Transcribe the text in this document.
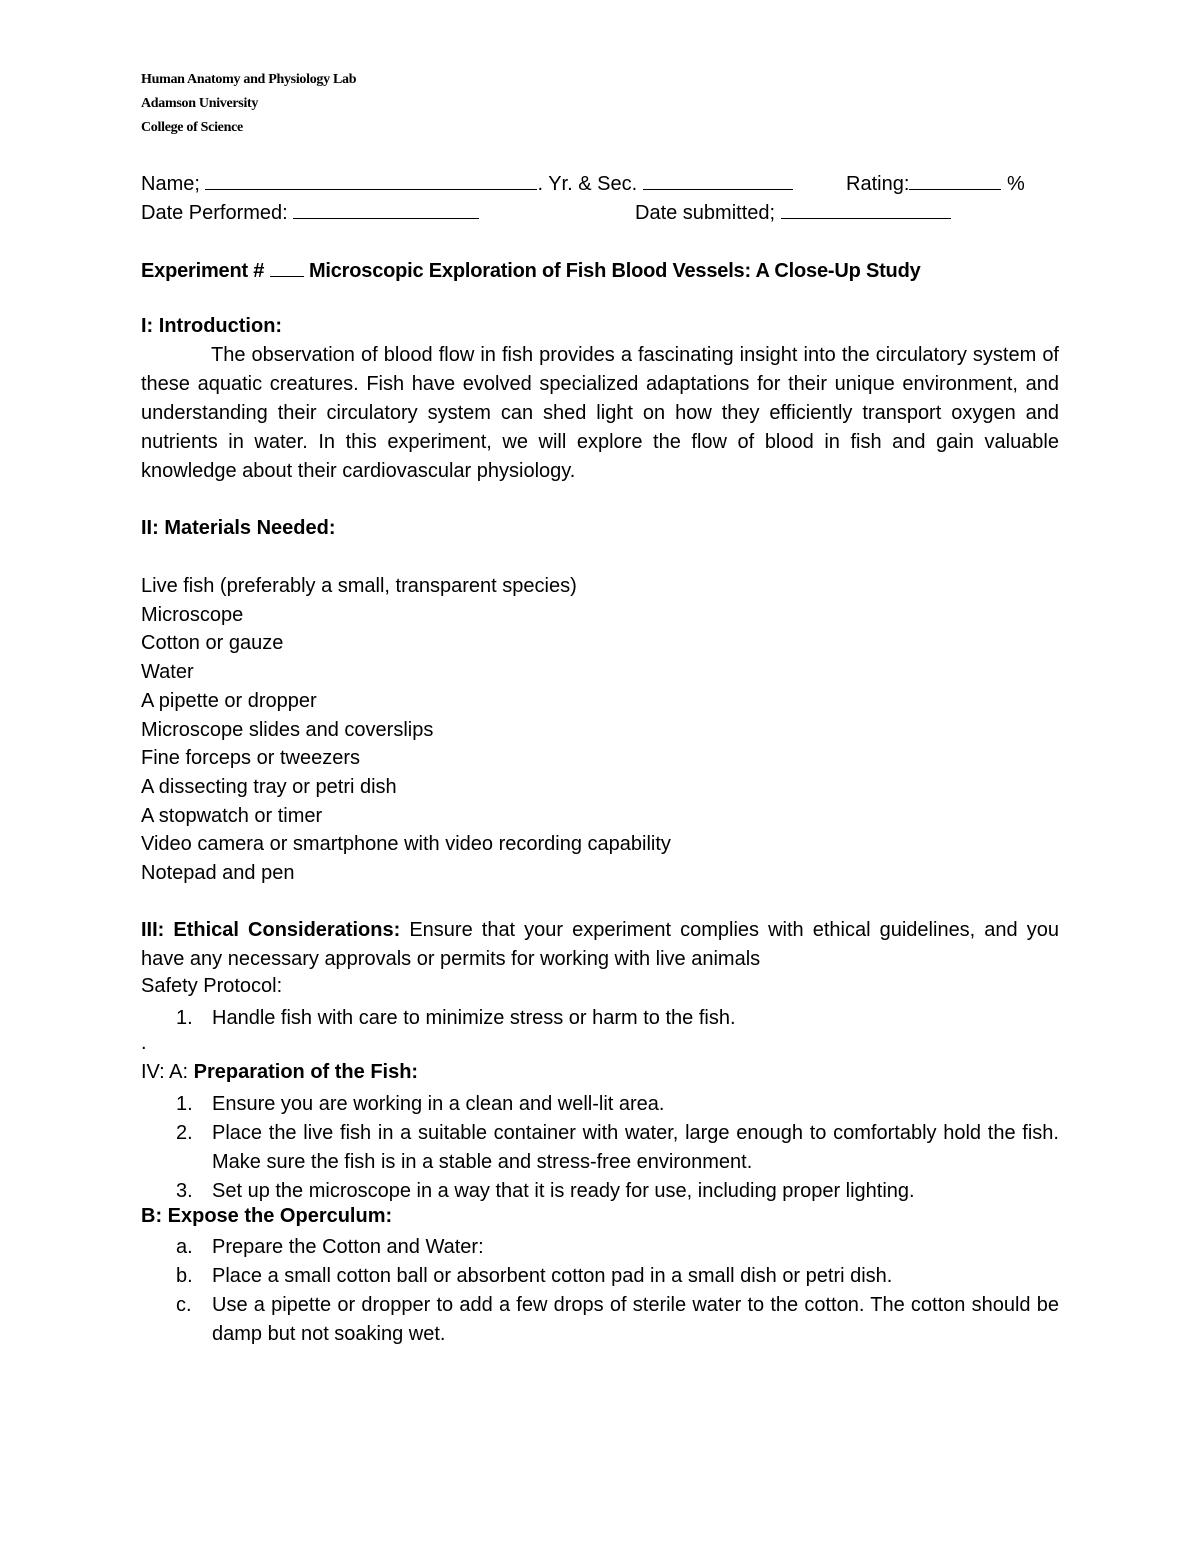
Human Anatomy and Physiology Lab
Adamson University
College of Science
Name;	. Yr. & Sec.	Rating:	%
Date Performed:	Date submitted;
Experiment # Microscopic Exploration of Fish Blood Vessels: A Close-Up Study
I: Introduction:
The observation of blood flow in fish provides a fascinating insight into the circulatory system of these aquatic creatures. Fish have evolved specialized adaptations for their unique environment, and understanding their circulatory system can shed light on how they efficiently transport oxygen and nutrients in water. In this experiment, we will explore the flow of blood in fish and gain valuable knowledge about their cardiovascular physiology.
II: Materials Needed:
Live fish (preferably a small, transparent species)
Microscope
Cotton or gauze
Water
A pipette or dropper
Microscope slides and coverslips
Fine forceps or tweezers
A dissecting tray or petri dish
A stopwatch or timer
Video camera or smartphone with video recording capability
Notepad and pen
III: Ethical Considerations: Ensure that your experiment complies with ethical guidelines, and you have any necessary approvals or permits for working with live animals
Safety Protocol:
1. Handle fish with care to minimize stress or harm to the fish.
.
IV: A: Preparation of the Fish:
1. Ensure you are working in a clean and well-lit area.
2. Place the live fish in a suitable container with water, large enough to comfortably hold the fish. Make sure the fish is in a stable and stress-free environment.
3. Set up the microscope in a way that it is ready for use, including proper lighting.
B: Expose the Operculum:
a. Prepare the Cotton and Water:
b. Place a small cotton ball or absorbent cotton pad in a small dish or petri dish.
c. Use a pipette or dropper to add a few drops of sterile water to the cotton. The cotton should be damp but not soaking wet.
